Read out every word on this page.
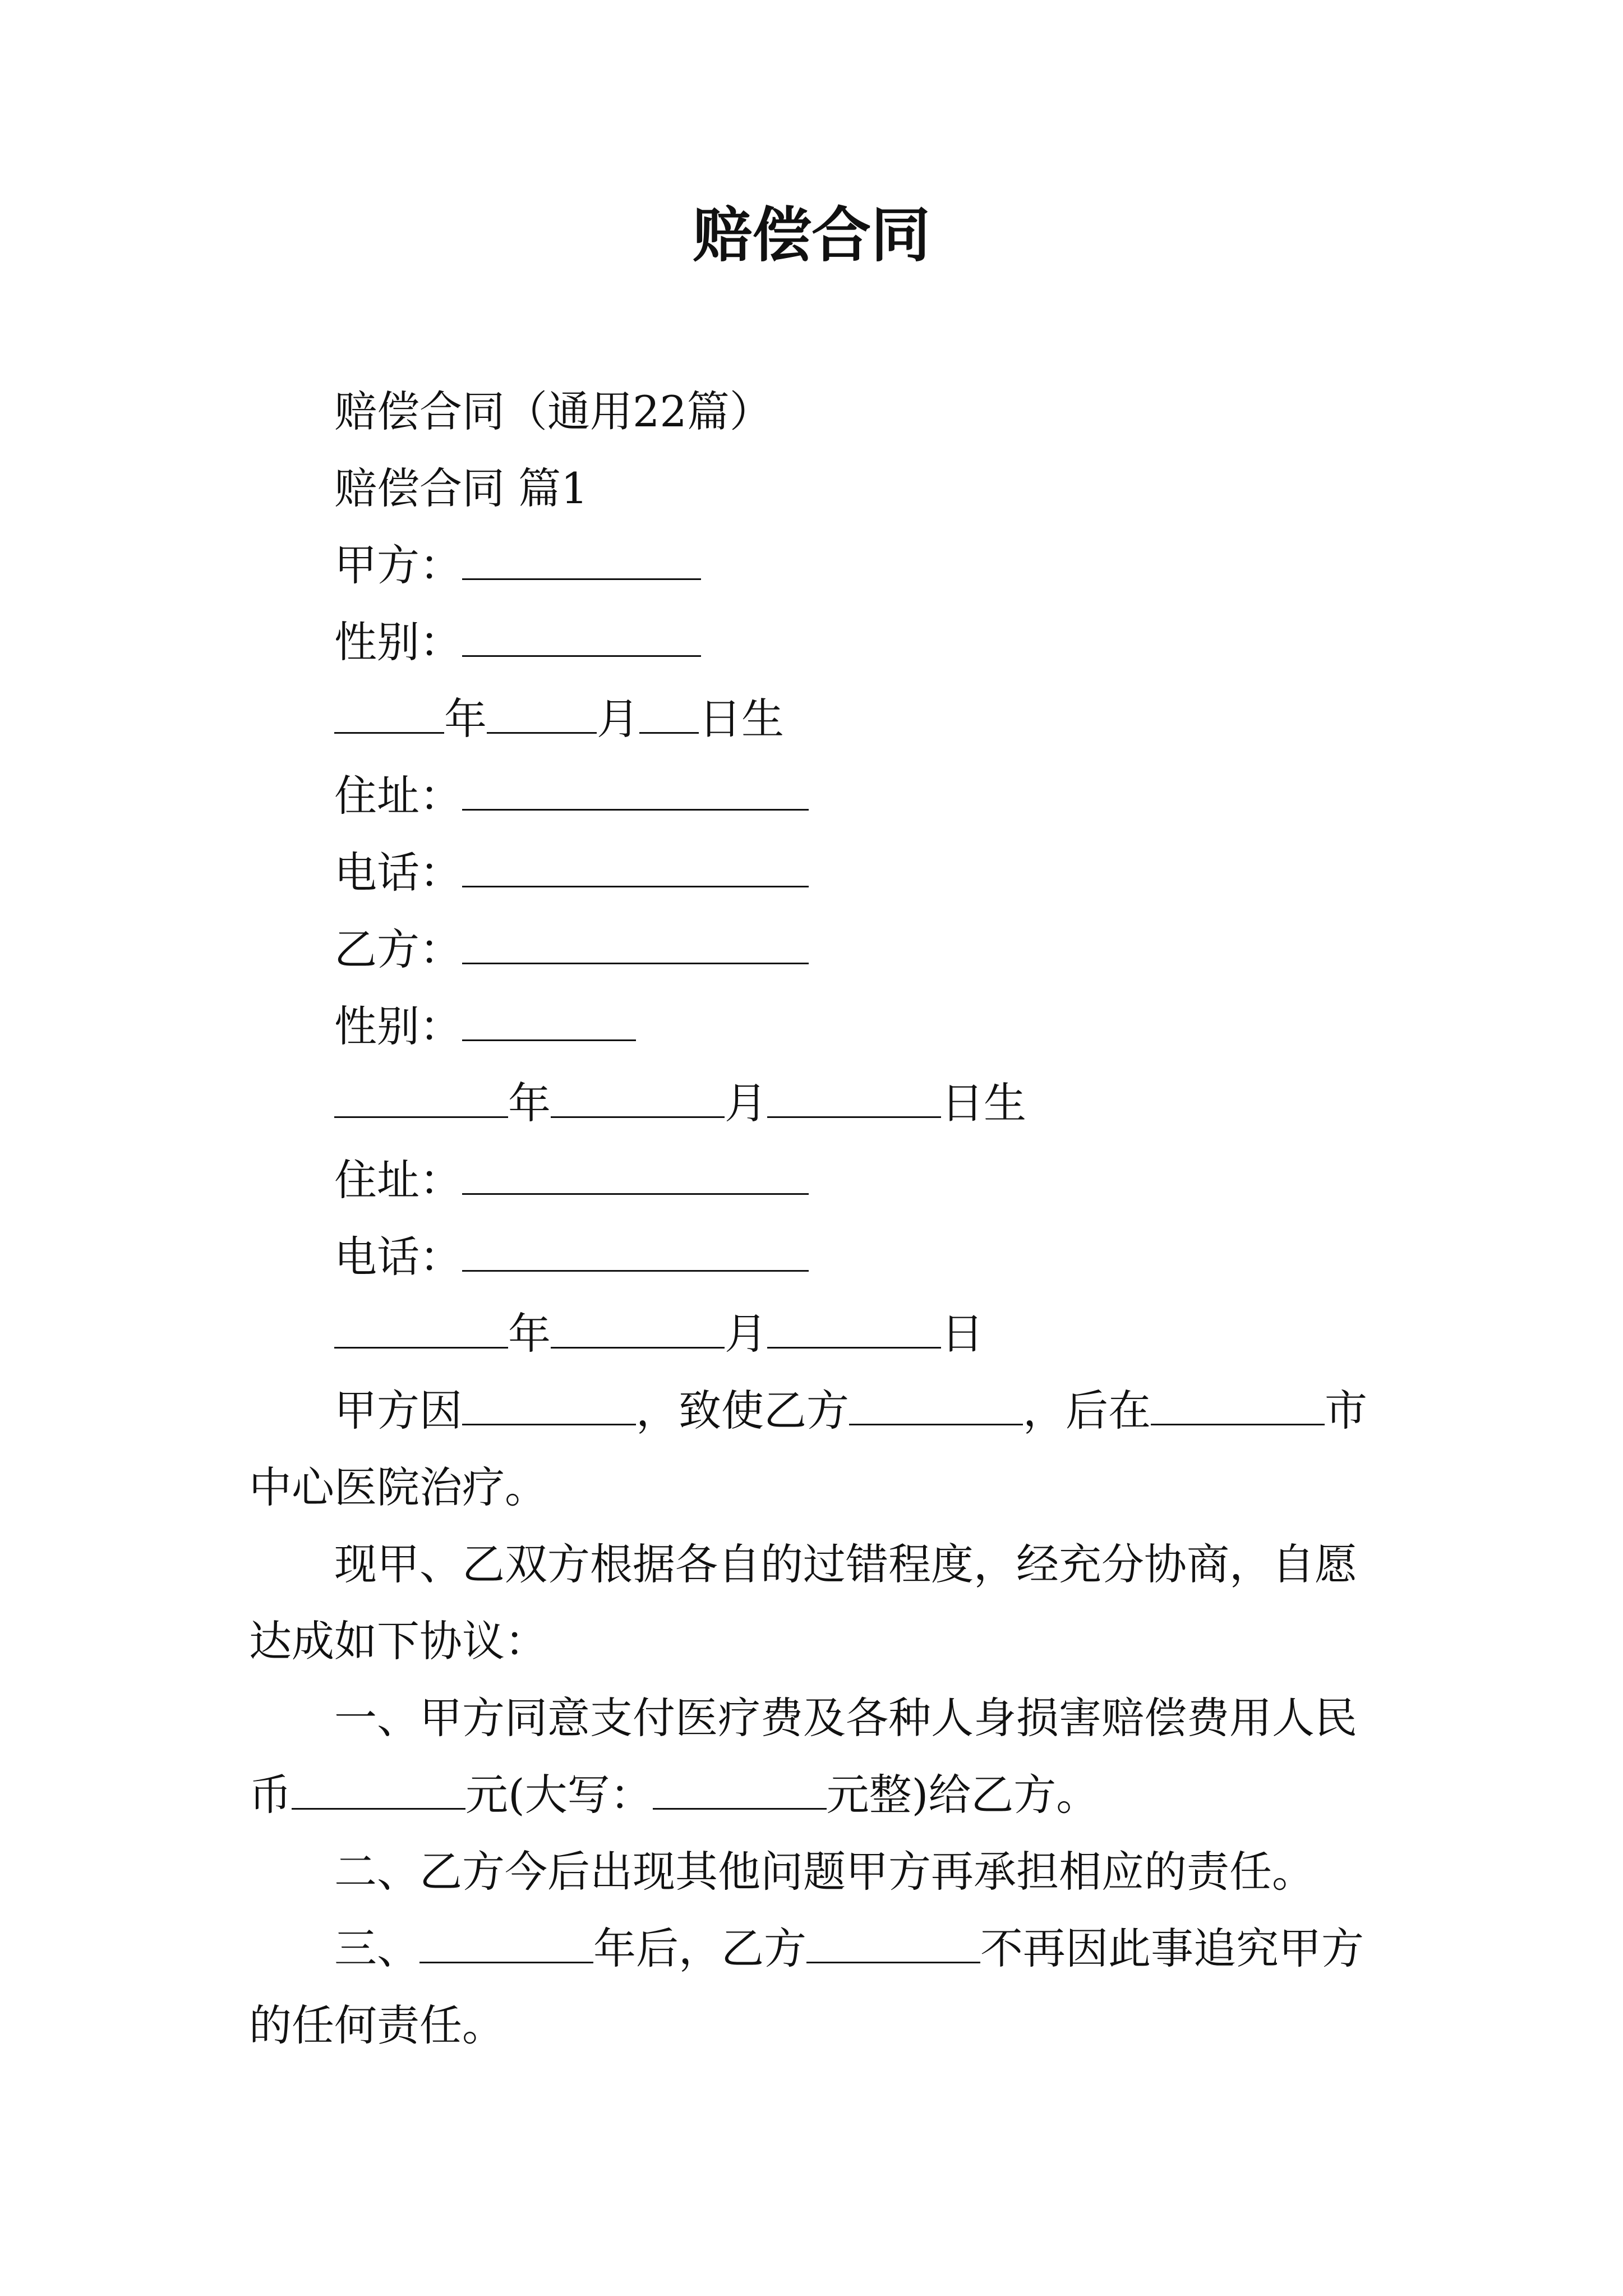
赔偿合同
赔偿合同（通用22篇）
赔偿合同 篇1
甲方：
性别：
年	月 日生
住址：
电话：
乙方：
性别：
年	月	日生
住址：
电话：
年	月	日
甲方因	，致使乙方	，后在	市
中心医院治疗。
现甲、乙双方根据各自的过错程度，经充分协商，自愿
达成如下协议：
一、甲方同意支付医疗费及各种人身损害赔偿费用人民
币	元(大写：	元整)给乙方。
二、乙方今后出现其他问题甲方再承担相应的责任。
三、	年后，乙方	不再因此事追究甲方
的任何责任。
